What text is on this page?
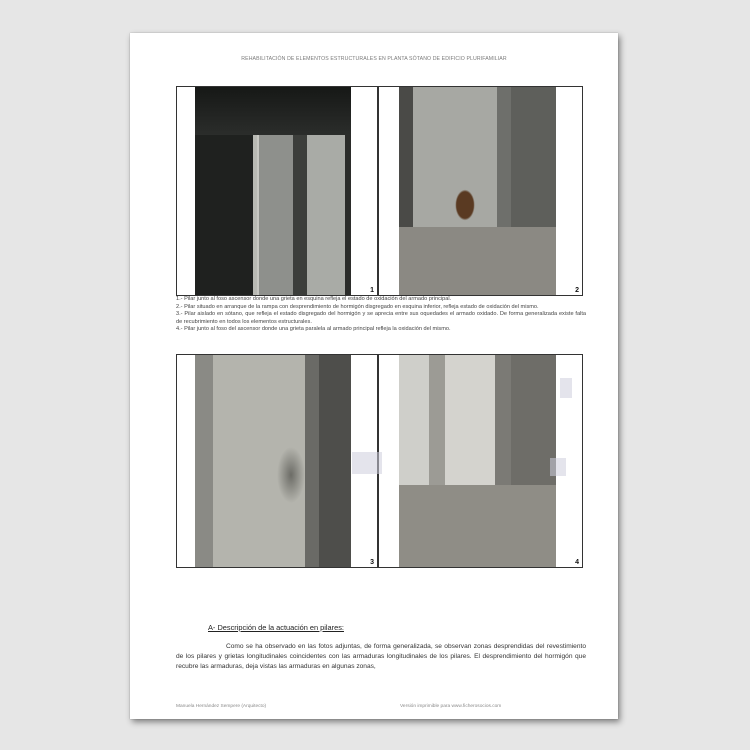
REHABILITACIÓN DE ELEMENTOS ESTRUCTURALES EN PLANTA SÓTANO DE EDIFICIO PLURIFAMILIAR
1	2
1.- Pilar junto al foso ascensor donde una grieta en esquina refleja el estado de oxidación del armado principal.
2.- Pilar situado en arranque de la rampa con desprendimiento de hormigón disgregado en esquina inferior, refleja estado de oxidación del mismo.
3.- Pilar aislado en sótano, que refleja el estado disgregado del hormigón y se aprecia entre sus oquedades el armado oxidado. De forma generalizada existe falta de recubrimiento en todos los elementos estructurales.
4.- Pilar junto al foso del ascensor donde una grieta paralela al armado principal refleja la oxidación del mismo.
3	4
A- Descripción de la actuación en pilares:

Como se ha observado en las fotos adjuntas, de forma generalizada, se observan zonas desprendidas del revestimiento de los pilares y grietas longitudinales coincidentes con las armaduras longitudinales de los pilares. El desprendimiento del hormigón que recubre las armaduras, deja vistas las armaduras en algunas zonas,

Manuela Hernández Sempere (Arquitecto)	Versión imprimible para www.ficherosocios.com
